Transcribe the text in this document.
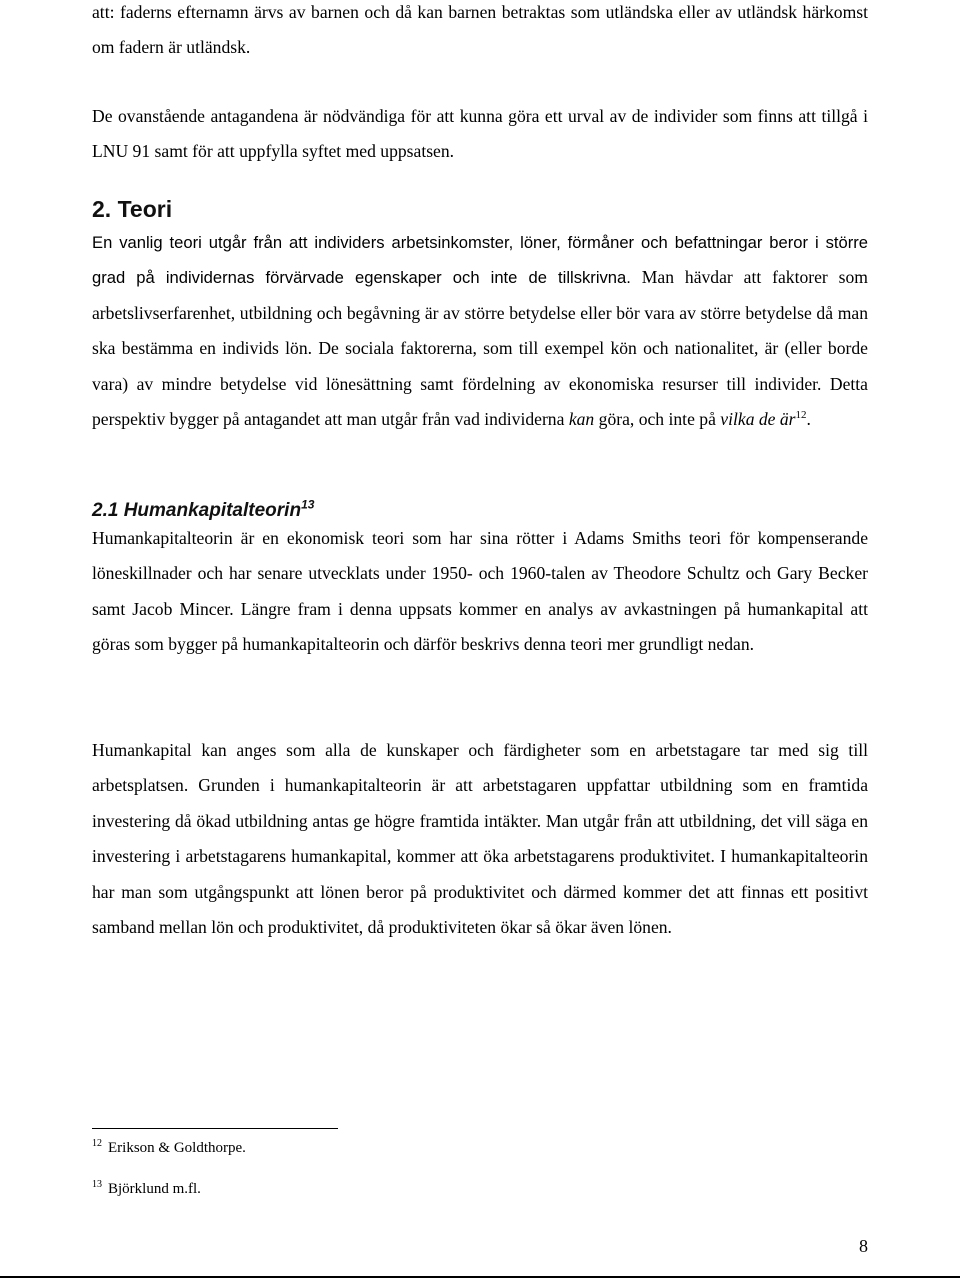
att: faderns efternamn ärvs av barnen och då kan barnen betraktas som utländska eller av utländsk härkomst om fadern är utländsk.

De ovanstående antagandena är nödvändiga för att kunna göra ett urval av de individer som finns att tillgå i LNU 91 samt för att uppfylla syftet med uppsatsen.

2. Teori

En vanlig teori utgår från att individers arbetsinkomster, löner, förmåner och befattningar beror i större grad på individernas förvärvade egenskaper och inte de tillskrivna. Man hävdar att faktorer som arbetslivserfarenhet, utbildning och begåvning är av större betydelse eller bör vara av större betydelse då man ska bestämma en individs lön. De sociala faktorerna, som till exempel kön och nationalitet, är (eller borde vara) av mindre betydelse vid lönesättning samt fördelning av ekonomiska resurser till individer. Detta perspektiv bygger på antagandet att man utgår från vad individerna kan göra, och inte på vilka de är$^{12}$.

2.1 Humankapitalteorin$^{13}$

Humankapitalteorin är en ekonomisk teori som har sina rötter i Adams Smiths teori för kompenserande löneskillnader och har senare utvecklats under 1950- och 1960-talen av Theodore Schultz och Gary Becker samt Jacob Mincer. Längre fram i denna uppsats kommer en analys av avkastningen på humankapital att göras som bygger på humankapitalteorin och därför beskrivs denna teori mer grundligt nedan.

Humankapital kan anges som alla de kunskaper och färdigheter som en arbetstagare tar med sig till arbetsplatsen. Grunden i humankapitalteorin är att arbetstagaren uppfattar utbildning som en framtida investering då ökad utbildning antas ge högre framtida intäkter. Man utgår från att utbildning, det vill säga en investering i arbetstagarens humankapital, kommer att öka arbetstagarens produktivitet. I humankapitalteorin har man som utgångspunkt att lönen beror på produktivitet och därmed kommer det att finnas ett positivt samband mellan lön och produktivitet, då produktiviteten ökar så ökar även lönen.

$^{12}$ Erikson & Goldthorpe.

$^{13}$ Björklund m.fl.

8
